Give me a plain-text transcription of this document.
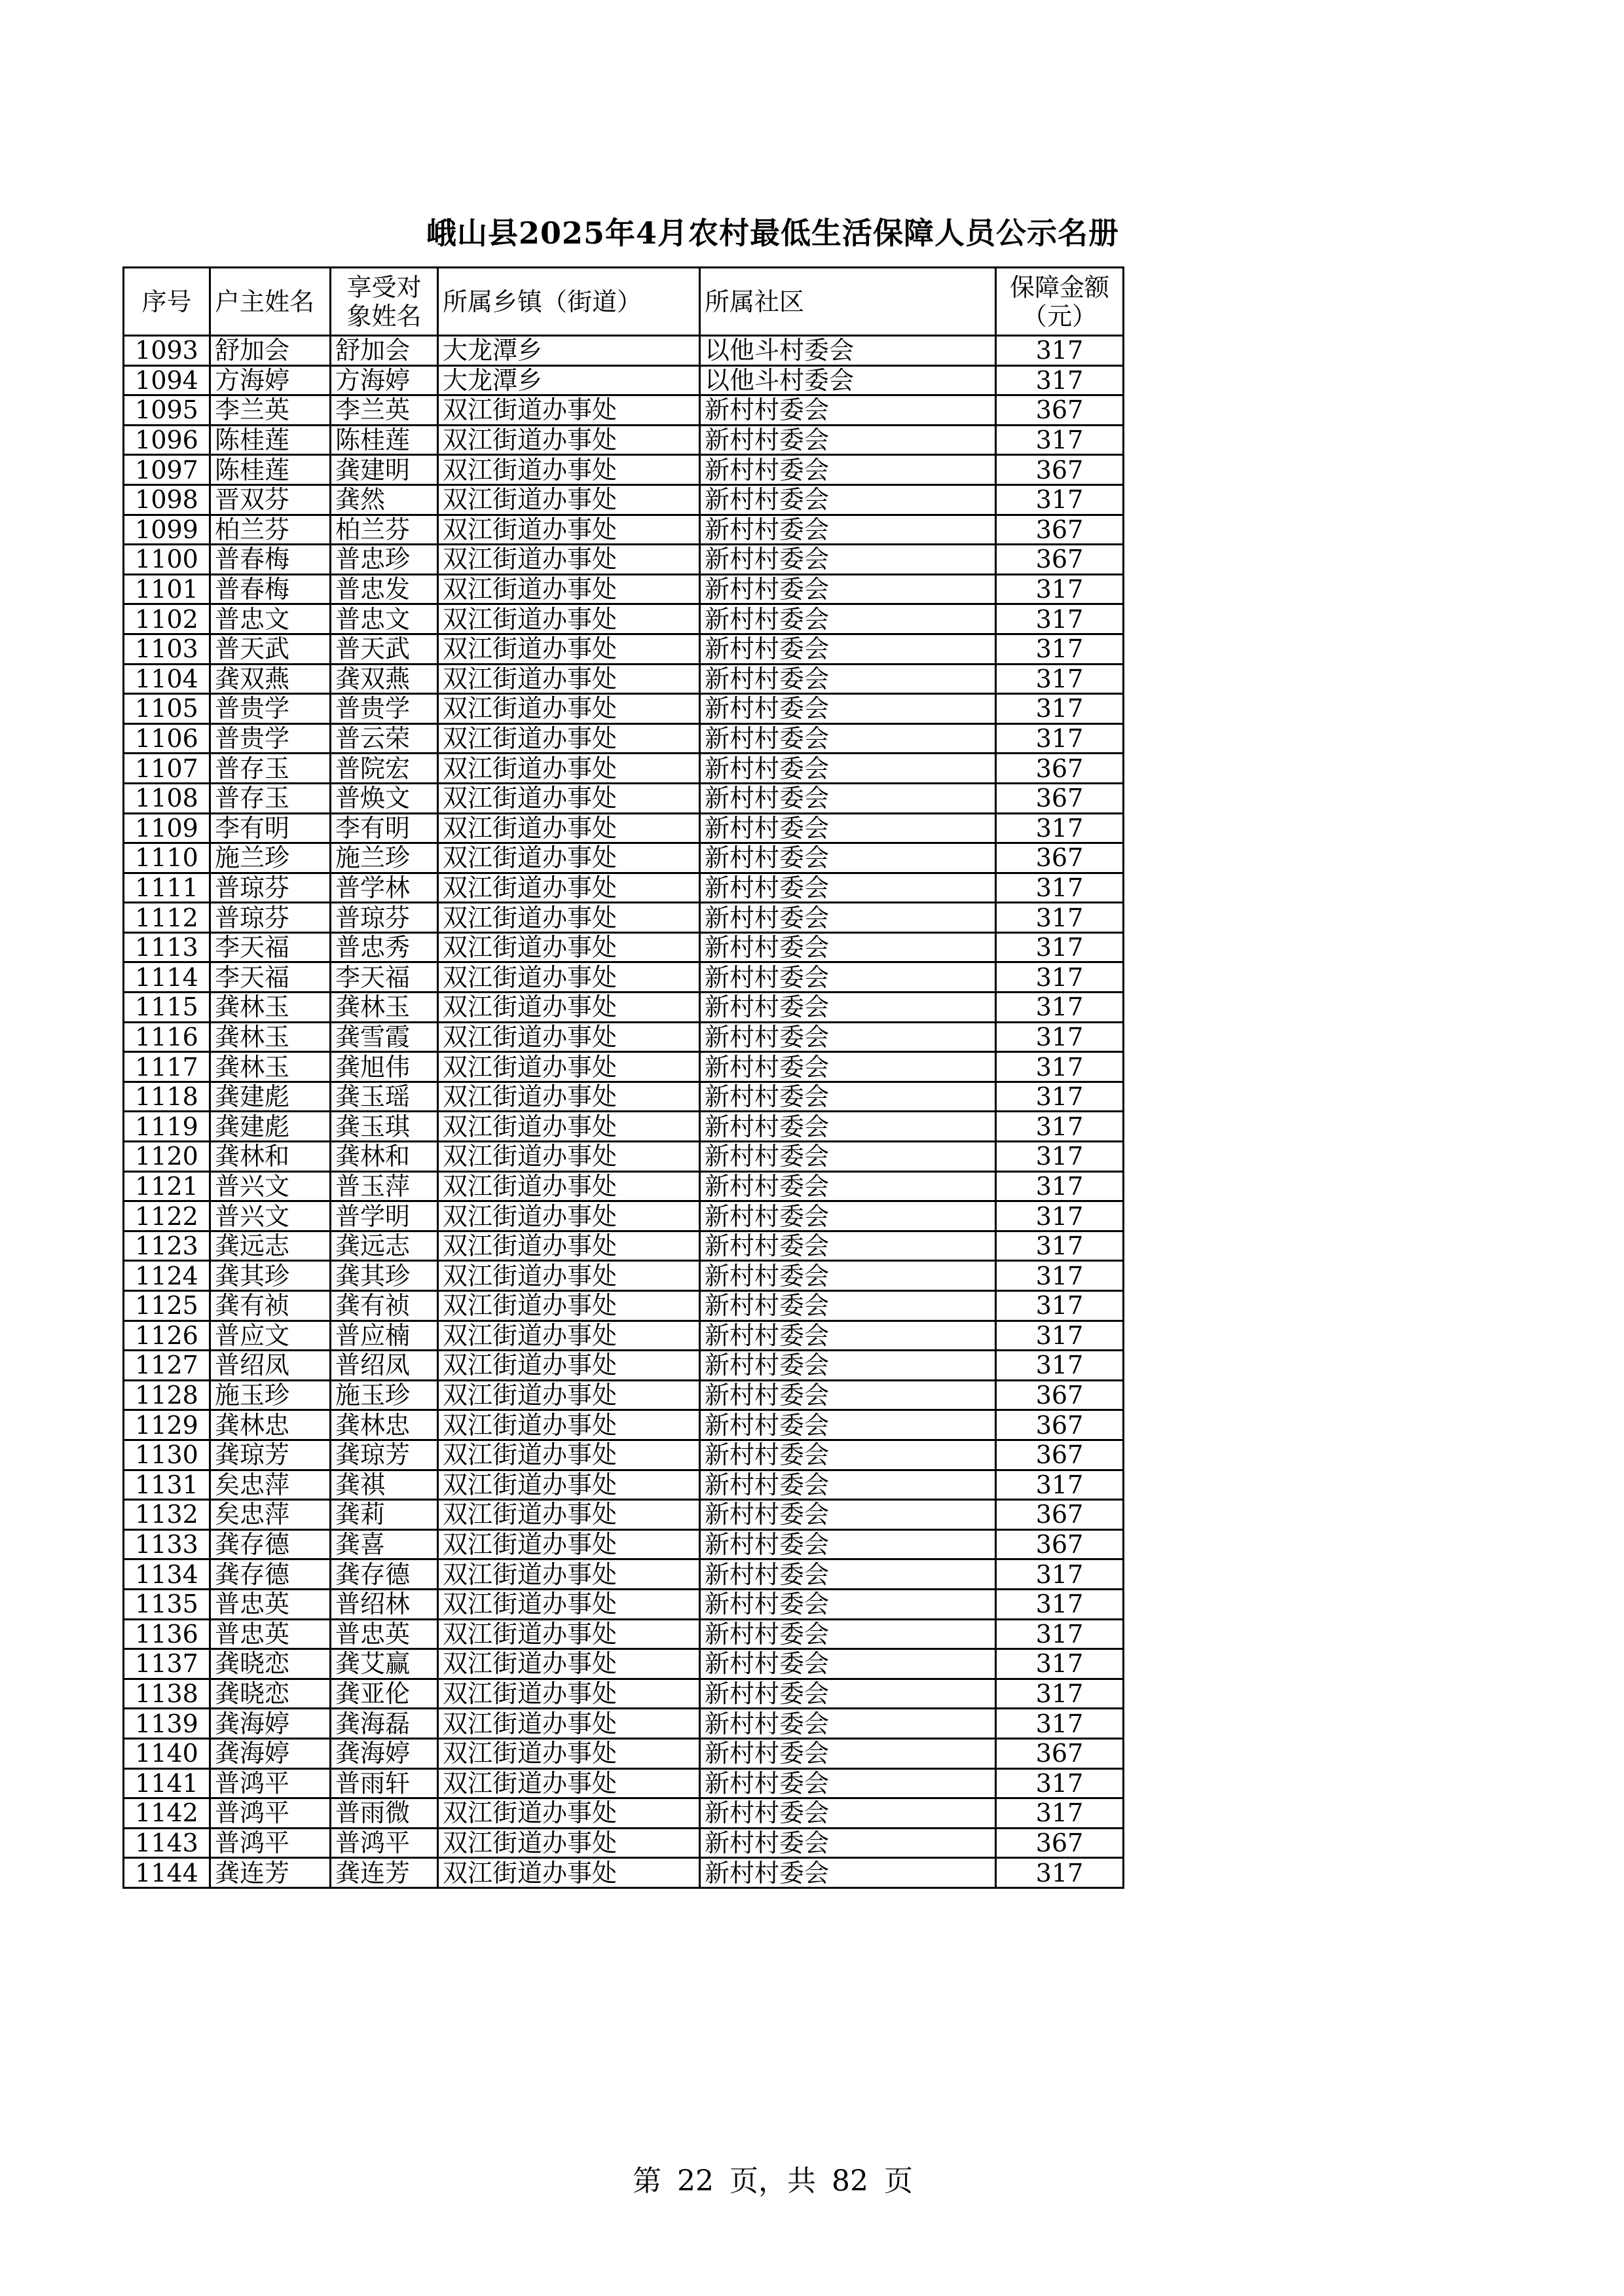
峨山县2025年4月农村最低生活保障人员公示名册
序号	户主姓名	享受对象姓名	所属乡镇（街道）	所属社区	保障金额（元）
1093	舒加会	舒加会	大龙潭乡	以他斗村委会	317
1094	方海婷	方海婷	大龙潭乡	以他斗村委会	317
1095	李兰英	李兰英	双江街道办事处	新村村委会	367
1096	陈桂莲	陈桂莲	双江街道办事处	新村村委会	317
1097	陈桂莲	龚建明	双江街道办事处	新村村委会	367
1098	晋双芬	龚然	双江街道办事处	新村村委会	317
1099	柏兰芬	柏兰芬	双江街道办事处	新村村委会	367
1100	普春梅	普忠珍	双江街道办事处	新村村委会	367
1101	普春梅	普忠发	双江街道办事处	新村村委会	317
1102	普忠文	普忠文	双江街道办事处	新村村委会	317
1103	普天武	普天武	双江街道办事处	新村村委会	317
1104	龚双燕	龚双燕	双江街道办事处	新村村委会	317
1105	普贵学	普贵学	双江街道办事处	新村村委会	317
1106	普贵学	普云荣	双江街道办事处	新村村委会	317
1107	普存玉	普院宏	双江街道办事处	新村村委会	367
1108	普存玉	普焕文	双江街道办事处	新村村委会	367
1109	李有明	李有明	双江街道办事处	新村村委会	317
1110	施兰珍	施兰珍	双江街道办事处	新村村委会	367
1111	普琼芬	普学林	双江街道办事处	新村村委会	317
1112	普琼芬	普琼芬	双江街道办事处	新村村委会	317
1113	李天福	普忠秀	双江街道办事处	新村村委会	317
1114	李天福	李天福	双江街道办事处	新村村委会	317
1115	龚林玉	龚林玉	双江街道办事处	新村村委会	317
1116	龚林玉	龚雪霞	双江街道办事处	新村村委会	317
1117	龚林玉	龚旭伟	双江街道办事处	新村村委会	317
1118	龚建彪	龚玉瑶	双江街道办事处	新村村委会	317
1119	龚建彪	龚玉琪	双江街道办事处	新村村委会	317
1120	龚林和	龚林和	双江街道办事处	新村村委会	317
1121	普兴文	普玉萍	双江街道办事处	新村村委会	317
1122	普兴文	普学明	双江街道办事处	新村村委会	317
1123	龚远志	龚远志	双江街道办事处	新村村委会	317
1124	龚其珍	龚其珍	双江街道办事处	新村村委会	317
1125	龚有祯	龚有祯	双江街道办事处	新村村委会	317
1126	普应文	普应楠	双江街道办事处	新村村委会	317
1127	普绍凤	普绍凤	双江街道办事处	新村村委会	317
1128	施玉珍	施玉珍	双江街道办事处	新村村委会	367
1129	龚林忠	龚林忠	双江街道办事处	新村村委会	367
1130	龚琼芳	龚琼芳	双江街道办事处	新村村委会	367
1131	矣忠萍	龚祺	双江街道办事处	新村村委会	317
1132	矣忠萍	龚莉	双江街道办事处	新村村委会	367
1133	龚存德	龚喜	双江街道办事处	新村村委会	367
1134	龚存德	龚存德	双江街道办事处	新村村委会	317
1135	普忠英	普绍林	双江街道办事处	新村村委会	317
1136	普忠英	普忠英	双江街道办事处	新村村委会	317
1137	龚晓恋	龚艾赢	双江街道办事处	新村村委会	317
1138	龚晓恋	龚亚伦	双江街道办事处	新村村委会	317
1139	龚海婷	龚海磊	双江街道办事处	新村村委会	317
1140	龚海婷	龚海婷	双江街道办事处	新村村委会	367
1141	普鸿平	普雨轩	双江街道办事处	新村村委会	317
1142	普鸿平	普雨微	双江街道办事处	新村村委会	317
1143	普鸿平	普鸿平	双江街道办事处	新村村委会	367
1144	龚连芳	龚连芳	双江街道办事处	新村村委会	317
第 22 页，共 82 页
